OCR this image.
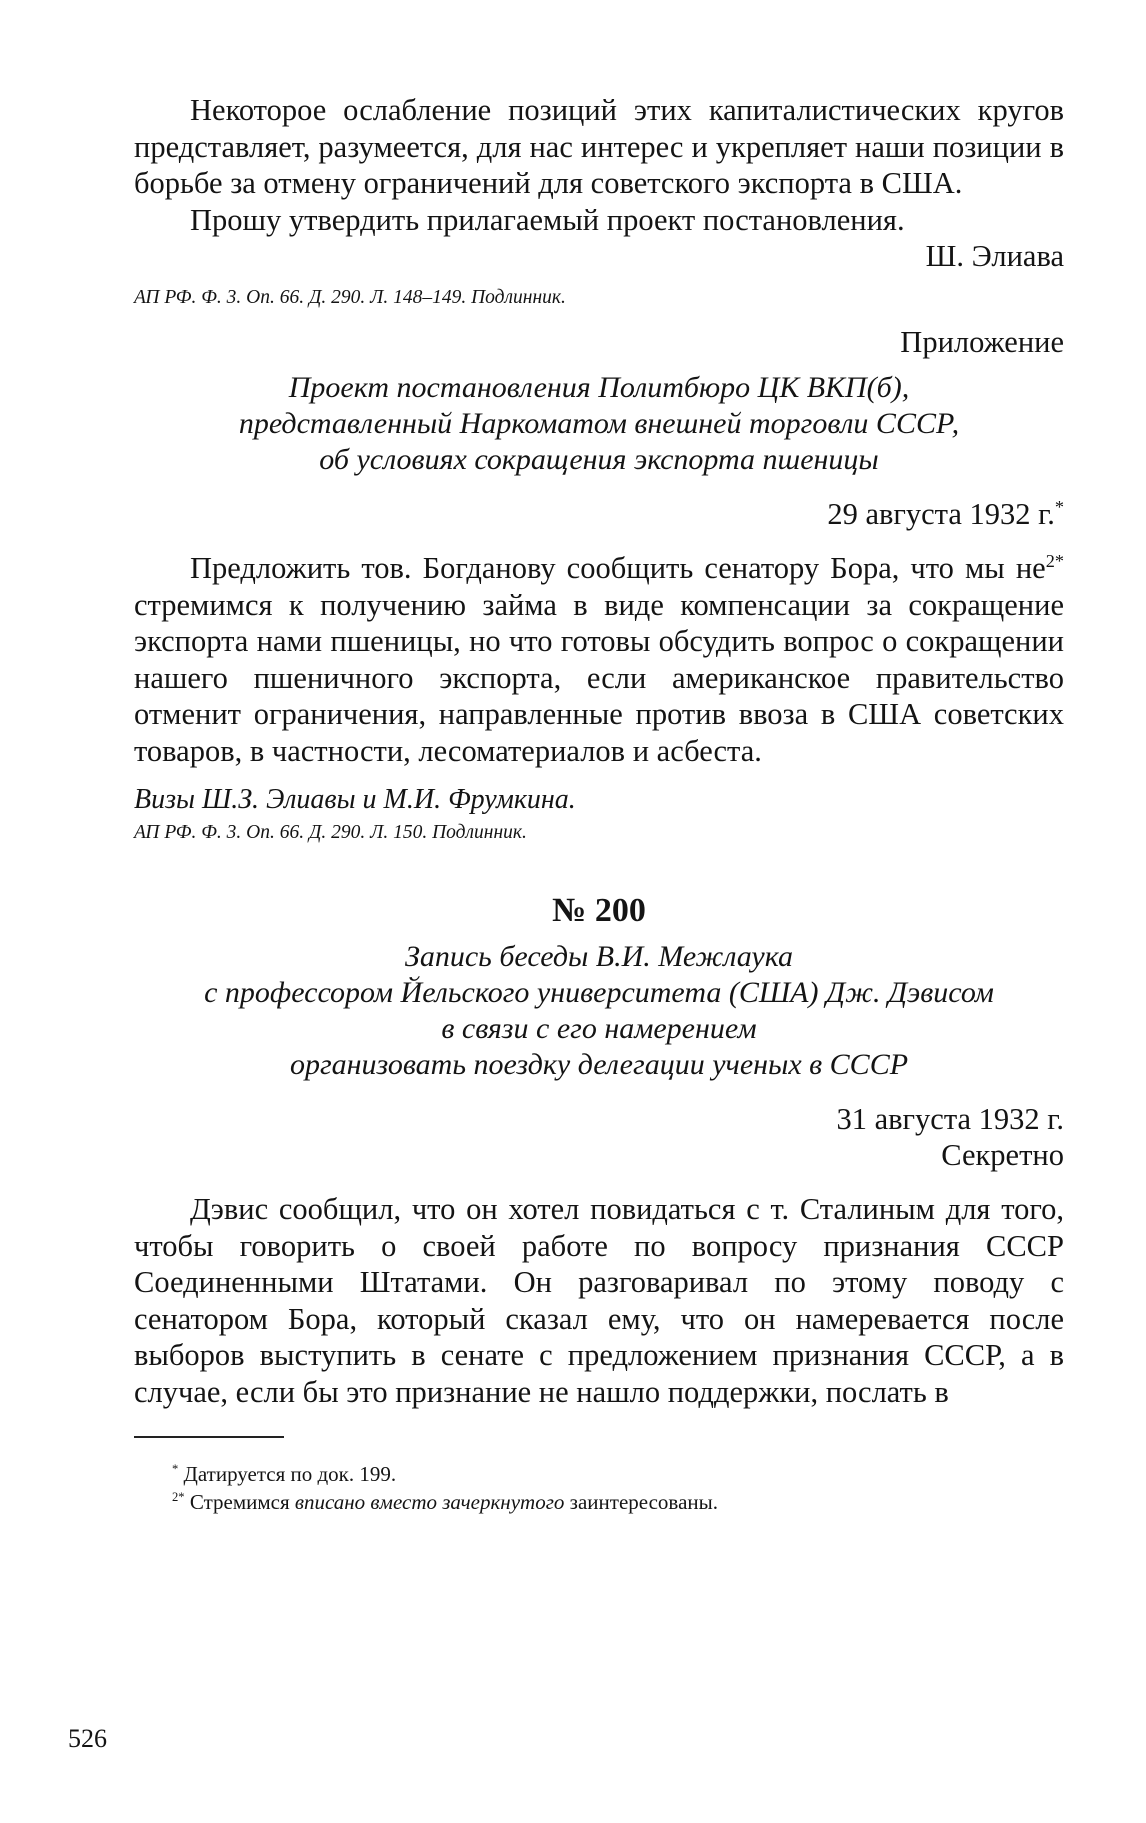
Некоторое ослабление позиций этих капиталистических кругов представляет, разумеется, для нас интерес и укрепляет наши позиции в борьбе за отмену ограничений для советского экспорта в США.

Прошу утвердить прилагаемый проект постановления.

Ш. Элиава

АП РФ. Ф. 3. Оп. 66. Д. 290. Л. 148–149. Подлинник.

Приложение

Проект постановления Политбюро ЦК ВКП(б),
представленный Наркоматом внешней торговли СССР,
об условиях сокращения экспорта пшеницы

29 августа 1932 г.*

Предложить тов. Богданову сообщить сенатору Бора, что мы $не^{2*}$ стремимся к получению займа в виде компенсации за сокращение экспорта нами пшеницы, но что готовы обсудить вопрос о сокращении нашего пшеничного экспорта, если американское правительство отменит ограничения, направленные против ввоза в США советских товаров, в частности, лесоматериалов и асбеста.

Визы Ш.З. Элиавы и М.И. Фрумкина.

АП РФ. Ф. 3. Оп. 66. Д. 290. Л. 150. Подлинник.

№ 200

Запись беседы В.И. Межлаука
с профессором Йельского университета (США) Дж. Дэвисом
в связи с его намерением
организовать поездку делегации ученых в СССР

31 августа 1932 г.

Секретно

Дэвис сообщил, что он хотел повидаться с т. Сталиным для того, чтобы говорить о своей работе по вопросу признания СССР Соединенными Штатами. Он разговаривал по этому поводу с сенатором Бора, который сказал ему, что он намеревается после выборов выступить в сенате с предложением признания СССР, а в случае, если бы это признание не нашло поддержки, послать в

* Датируется по док. 199.

$^{2*}$ Стремимся вписано вместо зачеркнутого заинтересованы.

526
